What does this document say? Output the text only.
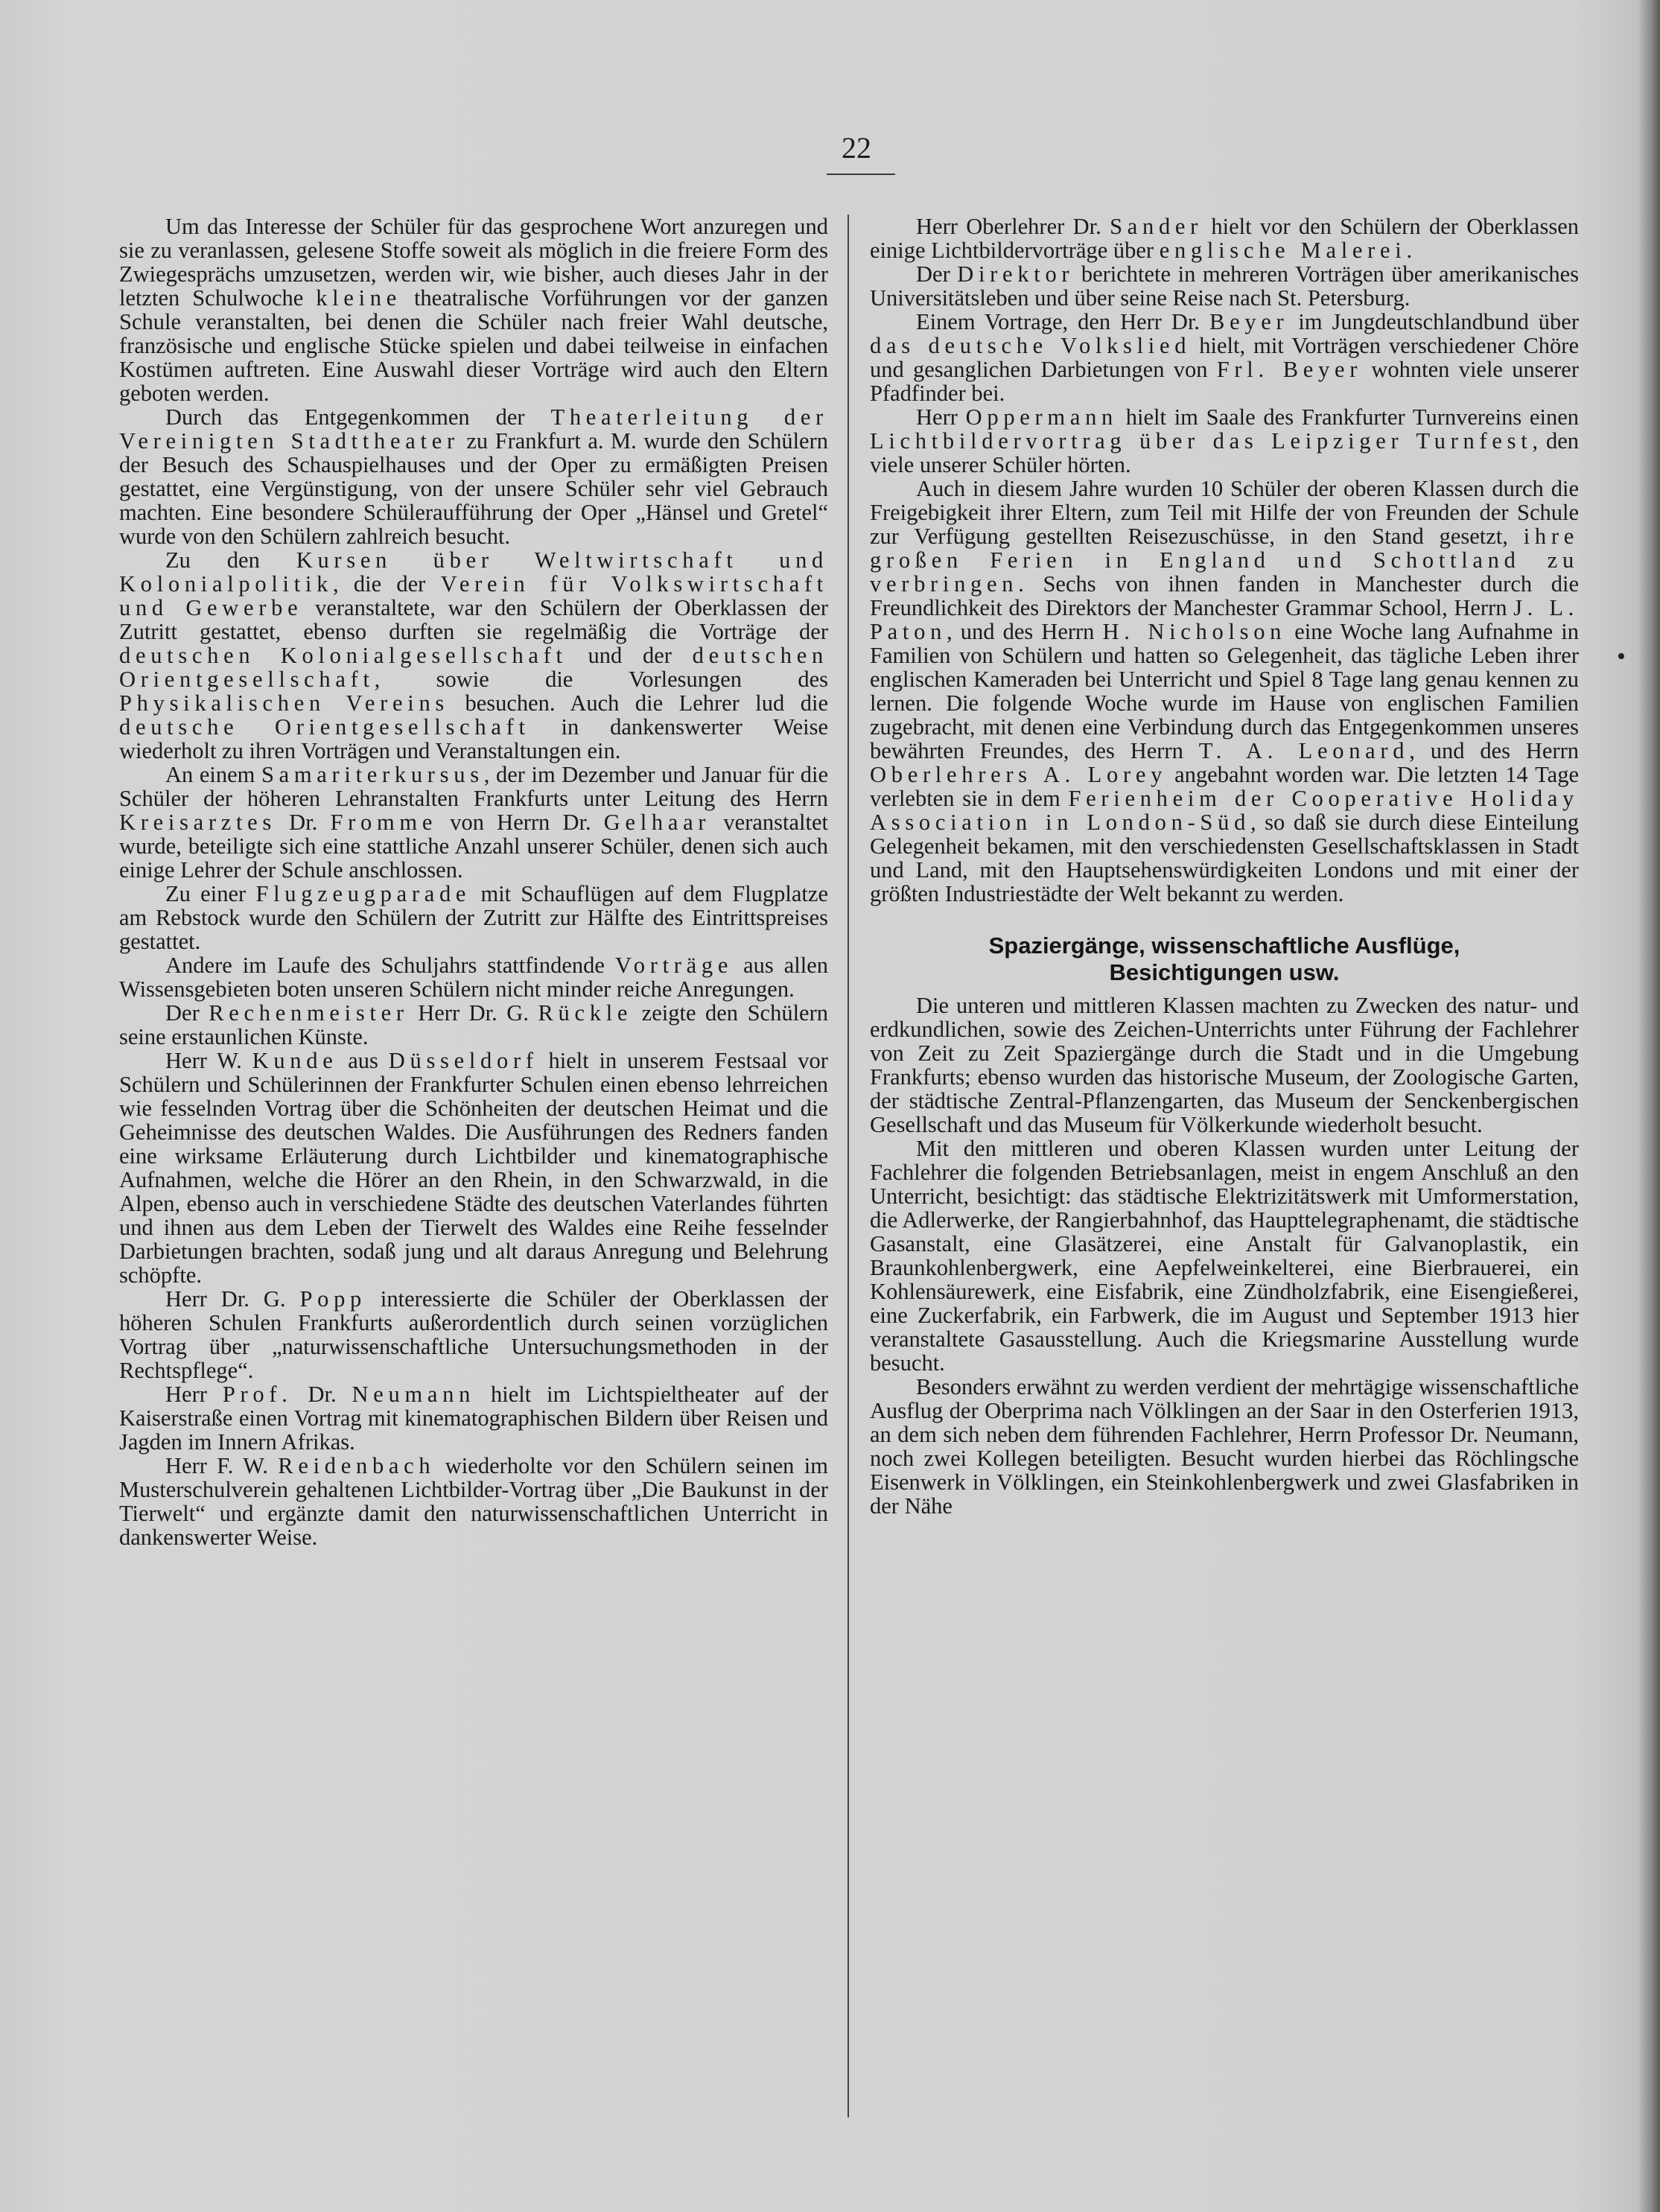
22

Um das Interesse der Schüler für das gesprochene Wort anzuregen und sie zu veranlassen, gelesene Stoffe soweit als möglich in die freiere Form des Zwiegesprächs umzusetzen, werden wir, wie bisher, auch dieses Jahr in der letzten Schulwoche kleine theatralische Vorführungen vor der ganzen Schule veranstalten, bei denen die Schüler nach freier Wahl deutsche, französische und englische Stücke spielen und dabei teilweise in einfachen Kostümen auftreten. Eine Auswahl dieser Vorträge wird auch den Eltern geboten werden.

Durch das Entgegenkommen der Theaterleitung der Vereinigten Stadttheater zu Frankfurt a. M. wurde den Schülern der Besuch des Schauspielhauses und der Oper zu ermäßigten Preisen gestattet, eine Vergünstigung, von der unsere Schüler sehr viel Gebrauch machten. Eine besondere Schüleraufführung der Oper „Hänsel und Gretel“ wurde von den Schülern zahlreich besucht.

Zu den Kursen über Weltwirtschaft und Kolonialpolitik, die der Verein für Volkswirtschaft und Gewerbe veranstaltete, war den Schülern der Oberklassen der Zutritt gestattet, ebenso durften sie regelmäßig die Vorträge der deutschen Kolonialgesellschaft und der deutschen Orientgesellschaft, sowie die Vorlesungen des Physikalischen Vereins besuchen. Auch die Lehrer lud die deutsche Orientgesellschaft in dankenswerter Weise wiederholt zu ihren Vorträgen und Veranstaltungen ein.

An einem Samariterkursus, der im Dezember und Januar für die Schüler der höheren Lehranstalten Frankfurts unter Leitung des Herrn Kreisarztes Dr. Fromme von Herrn Dr. Gelhaar veranstaltet wurde, beteiligte sich eine stattliche Anzahl unserer Schüler, denen sich auch einige Lehrer der Schule anschlossen.

Zu einer Flugzeugparade mit Schauflügen auf dem Flugplatze am Rebstock wurde den Schülern der Zutritt zur Hälfte des Eintrittspreises gestattet.

Andere im Laufe des Schuljahrs stattfindende Vorträge aus allen Wissensgebieten boten unseren Schülern nicht minder reiche Anregungen.

Der Rechenmeister Herr Dr. G. Rückle zeigte den Schülern seine erstaunlichen Künste.

Herr W. Kunde aus Düsseldorf hielt in unserem Festsaal vor Schülern und Schülerinnen der Frankfurter Schulen einen ebenso lehrreichen wie fesselnden Vortrag über die Schönheiten der deutschen Heimat und die Geheimnisse des deutschen Waldes. Die Ausführungen des Redners fanden eine wirksame Erläuterung durch Lichtbilder und kinematographische Aufnahmen, welche die Hörer an den Rhein, in den Schwarzwald, in die Alpen, ebenso auch in verschiedene Städte des deutschen Vaterlandes führten und ihnen aus dem Leben der Tierwelt des Waldes eine Reihe fesselnder Darbietungen brachten, sodaß jung und alt daraus Anregung und Belehrung schöpfte.

Herr Dr. G. Popp interessierte die Schüler der Oberklassen der höheren Schulen Frankfurts außerordentlich durch seinen vorzüglichen Vortrag über „naturwissenschaftliche Untersuchungsmethoden in der Rechtspflege“.

Herr Prof. Dr. Neumann hielt im Lichtspieltheater auf der Kaiserstraße einen Vortrag mit kinematographischen Bildern über Reisen und Jagden im Innern Afrikas.

Herr F. W. Reidenbach wiederholte vor den Schülern seinen im Musterschulverein gehaltenen Lichtbilder-Vortrag über „Die Baukunst in der Tierwelt“ und ergänzte damit den naturwissenschaftlichen Unterricht in dankenswerter Weise.

Herr Oberlehrer Dr. Sander hielt vor den Schülern der Oberklassen einige Lichtbildervorträge über englische Malerei.

Der Direktor berichtete in mehreren Vorträgen über amerikanisches Universitätsleben und über seine Reise nach St. Petersburg.

Einem Vortrage, den Herr Dr. Beyer im Jungdeutschlandbund über das deutsche Volkslied hielt, mit Vorträgen verschiedener Chöre und gesanglichen Darbietungen von Frl. Beyer wohnten viele unserer Pfadfinder bei.

Herr Oppermann hielt im Saale des Frankfurter Turnvereins einen Lichtbildervortrag über das Leipziger Turnfest, den viele unserer Schüler hörten.

Auch in diesem Jahre wurden 10 Schüler der oberen Klassen durch die Freigebigkeit ihrer Eltern, zum Teil mit Hilfe der von Freunden der Schule zur Verfügung gestellten Reisezuschüsse, in den Stand gesetzt, ihre großen Ferien in England und Schottland zu verbringen. Sechs von ihnen fanden in Manchester durch die Freundlichkeit des Direktors der Manchester Grammar School, Herrn J. L. Paton, und des Herrn H. Nicholson eine Woche lang Aufnahme in Familien von Schülern und hatten so Gelegenheit, das tägliche Leben ihrer englischen Kameraden bei Unterricht und Spiel 8 Tage lang genau kennen zu lernen. Die folgende Woche wurde im Hause von englischen Familien zugebracht, mit denen eine Verbindung durch das Entgegenkommen unseres bewährten Freundes, des Herrn T. A. Leonard, und des Herrn Oberlehrers A. Lorey angebahnt worden war. Die letzten 14 Tage verlebten sie in dem Ferienheim der Cooperative Holiday Association in London-Süd, so daß sie durch diese Einteilung Gelegenheit bekamen, mit den verschiedensten Gesellschaftsklassen in Stadt und Land, mit den Hauptsehenswürdigkeiten Londons und mit einer der größten Industriestädte der Welt bekannt zu werden.

Spaziergänge, wissenschaftliche Ausflüge,
Besichtigungen usw.

Die unteren und mittleren Klassen machten zu Zwecken des natur- und erdkundlichen, sowie des Zeichen-Unterrichts unter Führung der Fachlehrer von Zeit zu Zeit Spaziergänge durch die Stadt und in die Umgebung Frankfurts; ebenso wurden das historische Museum, der Zoologische Garten, der städtische Zentral-Pflanzengarten, das Museum der Senckenbergischen Gesellschaft und das Museum für Völkerkunde wiederholt besucht.

Mit den mittleren und oberen Klassen wurden unter Leitung der Fachlehrer die folgenden Betriebsanlagen, meist in engem Anschluß an den Unterricht, besichtigt: das städtische Elektrizitätswerk mit Umformerstation, die Adlerwerke, der Rangierbahnhof, das Haupttelegraphenamt, die städtische Gasanstalt, eine Glasätzerei, eine Anstalt für Galvanoplastik, ein Braunkohlenbergwerk, eine Aepfelweinkelterei, eine Bierbrauerei, ein Kohlensäurewerk, eine Eisfabrik, eine Zündholzfabrik, eine Eisengießerei, eine Zuckerfabrik, ein Farbwerk, die im August und September 1913 hier veranstaltete Gasausstellung. Auch die Kriegsmarine Ausstellung wurde besucht.

Besonders erwähnt zu werden verdient der mehrtägige wissenschaftliche Ausflug der Oberprima nach Völklingen an der Saar in den Osterferien 1913, an dem sich neben dem führenden Fachlehrer, Herrn Professor Dr. Neumann, noch zwei Kollegen beteiligten. Besucht wurden hierbei das Röchlingsche Eisenwerk in Völklingen, ein Steinkohlenbergwerk und zwei Glasfabriken in der Nähe

•
